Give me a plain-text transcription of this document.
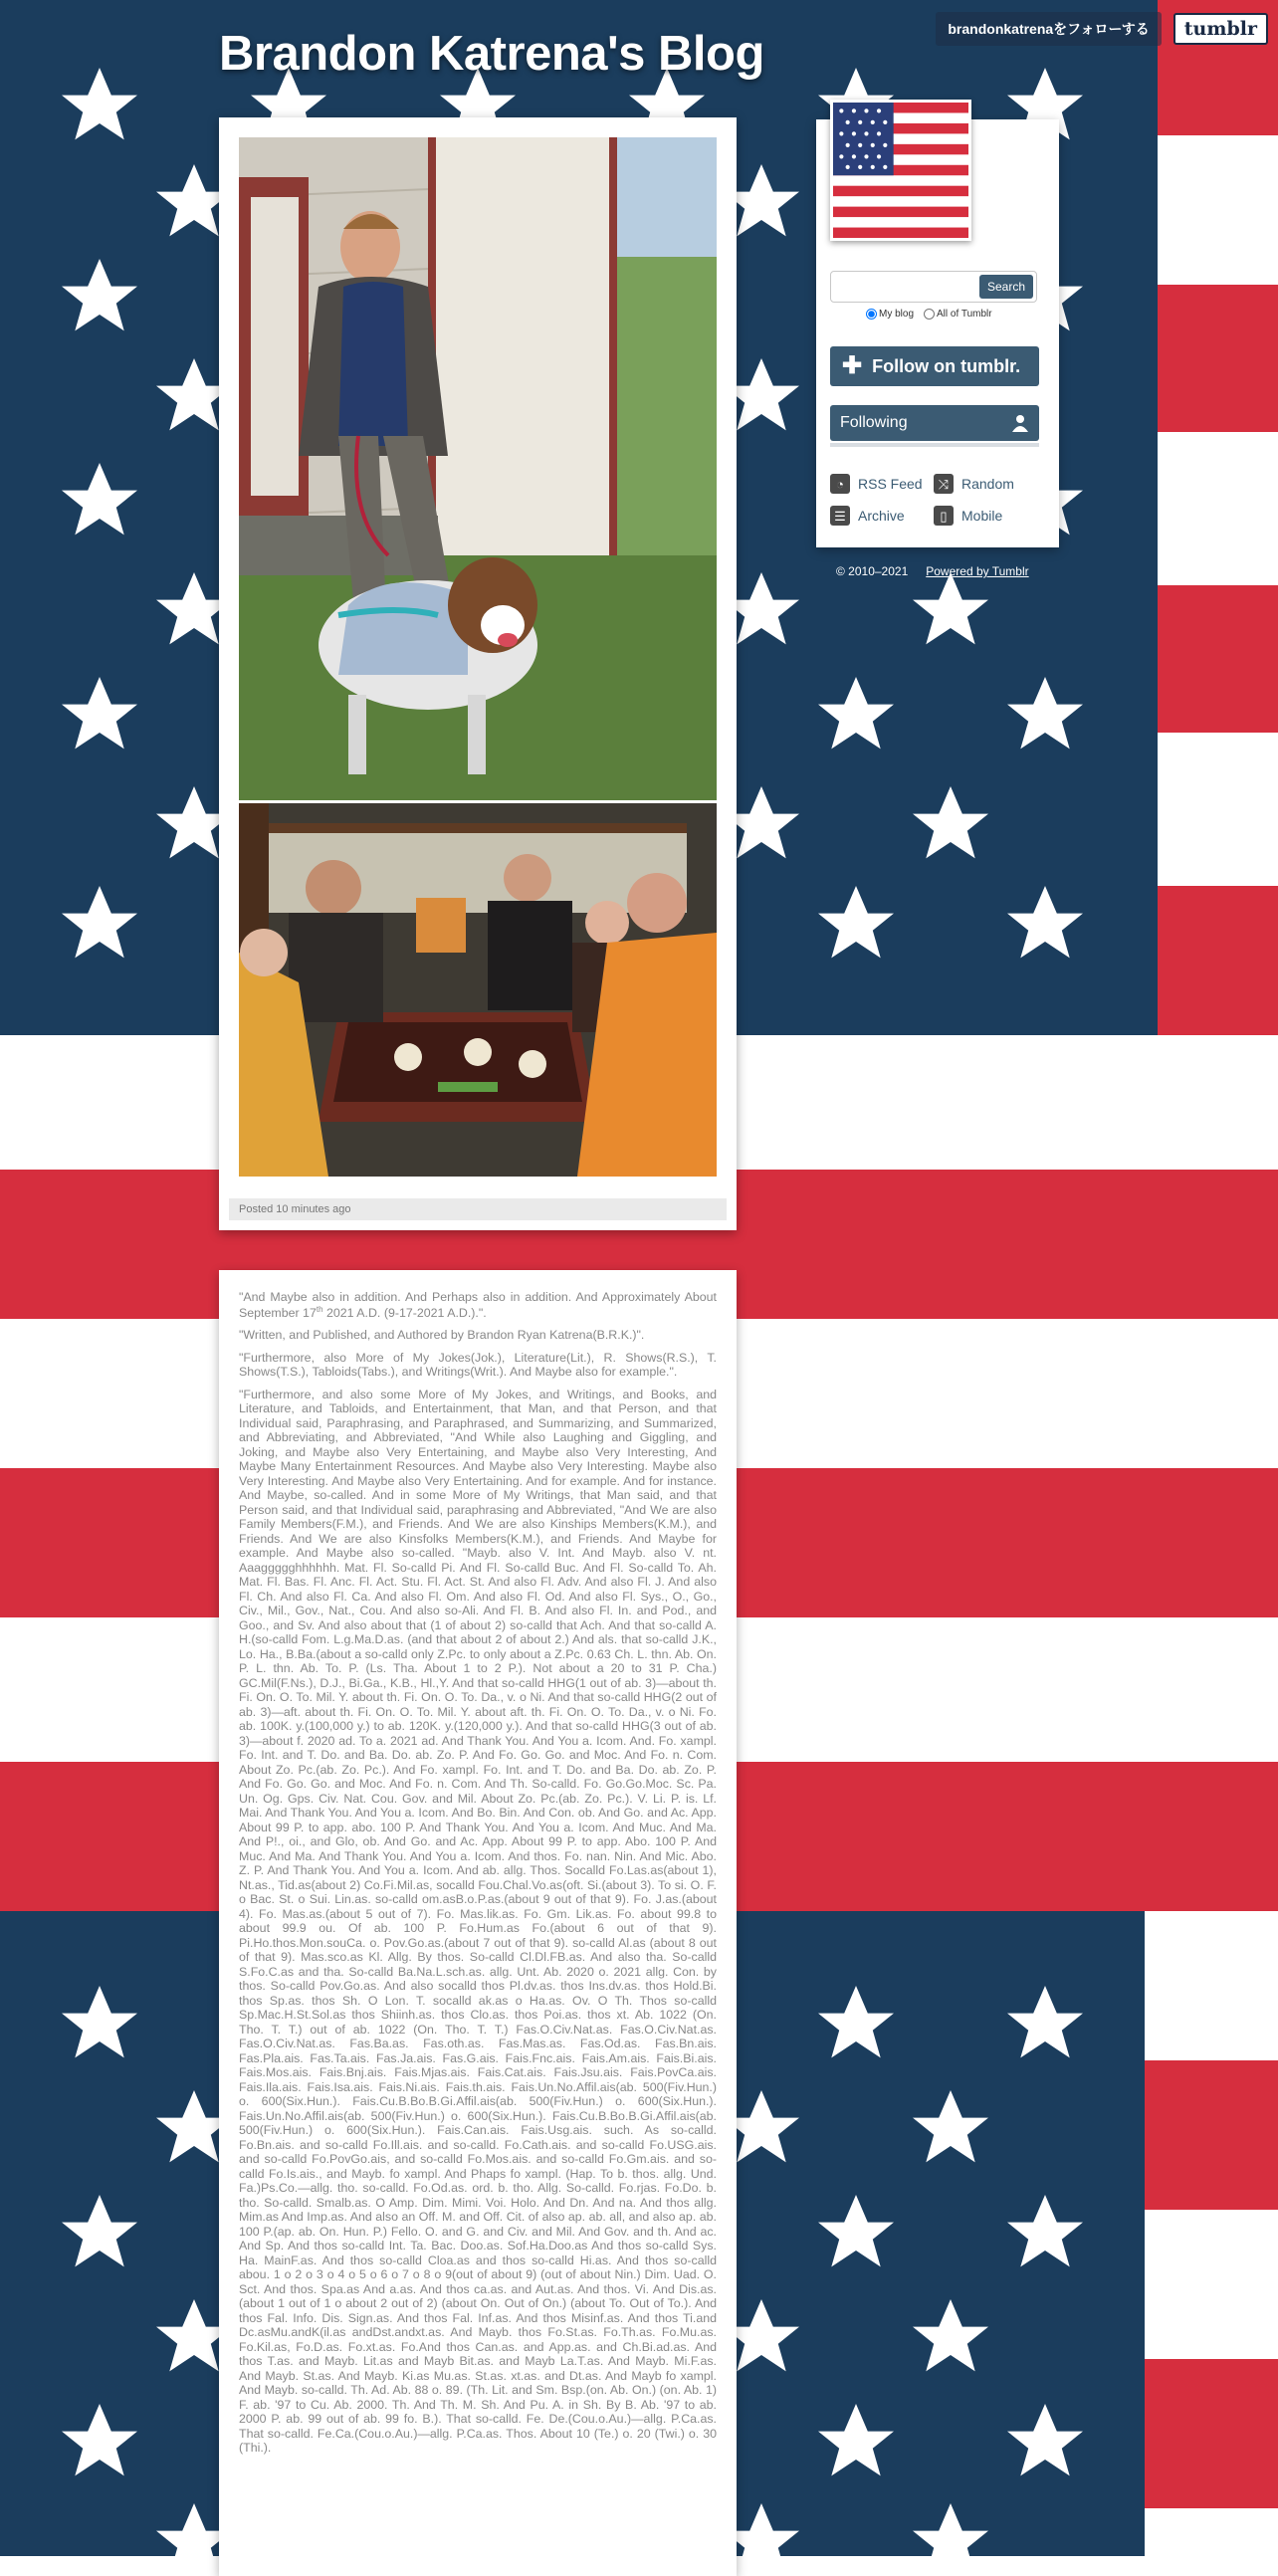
brandonkatrenaをフォローする	tumblr
Brandon Katrena's Blog
Posted 10 minutes ago

"And Maybe also in addition. And Perhaps also in addition. And Approximately About September 17th 2021 A.D. (9-17-2021 A.D.).".

"Written, and Published, and Authored by Brandon Ryan Katrena(B.R.K.)".

"Furthermore, also More of My Jokes(Jok.), Literature(Lit.), R. Shows(R.S.), T. Shows(T.S.), Tabloids(Tabs.), and Writings(Writ.). And Maybe also for example.".

"Furthermore, and also some More of My Jokes, and Writings, and Books, and Literature, and Tabloids, and Entertainment, that Man, and that Person, and that Individual said, Paraphrasing, and Paraphrased, and Summarizing, and Summarized, and Abbreviating, and Abbreviated, "And While also Laughing and Giggling, and Joking, and Maybe also Very Entertaining, and Maybe also Very Interesting, And Maybe Many Entertainment Resources. And Maybe also Very Interesting. Maybe also Very Interesting. And Maybe also Very Entertaining. And for example. And for instance. And Maybe, so-called. And in some More of My Writings, that Man said, and that Person said, and that Individual said, paraphrasing and Abbreviated, "And We are also Family Members(F.M.), and Friends. And We are also Kinships Members(K.M.), and Friends. And We are also Kinsfolks Members(K.M.), and Friends. And Maybe for example. And Maybe also so-called. "Mayb. also V. Int. And Mayb. also V. nt. Aaaggggghhhhhh. Mat. Fl. So-calld Pi. And Fl. So-calld Buc. And Fl. So-calld To. Ah. Mat. Fl. Bas. Fl. Anc. Fl. Act. Stu. Fl. Act. St. And also Fl. Adv. And also Fl. J. And also Fl. Ch. And also Fl. Ca. And also Fl. Om. And also Fl. Od. And also Fl. Sys., O., Go., Civ., Mil., Gov., Nat., Cou. And also so-Ali. And Fl. B. And also Fl. In. and Pod., and Goo., and Sv. And also about that (1 of about 2) so-calld that Ach. And that so-calld A. H.(so-calld Fom. L.g.Ma.D.as. (and that about 2 of about 2.) And als. that so-calld J.K., Lo. Ha., B.Ba.(about a so-calld only Z.Pc. to only about a Z.Pc. 0.63 Ch. L. thn. Ab. On. P. L. thn. Ab. To. P. (Ls. Tha. About 1 to 2 P.). Not about a 20 to 31 P. Cha.) GC.Mil(F.Ns.), D.J., Bi.Ga., K.B., Hl.,Y. And that so-calld HHG(1 out of ab. 3)—about th. Fi. On. O. To. Mil. Y. about th. Fi. On. O. To. Da., v. o Ni. And that so-calld HHG(2 out of ab. 3)—aft. about th. Fi. On. O. To. Mil. Y. about aft. th. Fi. On. O. To. Da., v. o Ni. Fo. ab. 100K. y.(100,000 y.) to ab. 120K. y.(120,000 y.). And that so-calld HHG(3 out of ab. 3)—about f. 2020 ad. To a. 2021 ad. And Thank You. And You a. Icom. And. Fo. xampl. Fo. Int. and T. Do. and Ba. Do. ab. Zo. P. And Fo. Go. Go. and Moc. And Fo. n. Com. About Zo. Pc.(ab. Zo. Pc.). And Fo. xampl. Fo. Int. and T. Do. and Ba. Do. ab. Zo. P. And Fo. Go. Go. and Moc. And Fo. n. Com. And Th. So-calld. Fo. Go.Go.Moc. Sc. Pa. Un. Og. Gps. Civ. Nat. Cou. Gov. and Mil. About Zo. Pc.(ab. Zo. Pc.). V. Li. P. is. Lf. Mai. And Thank You. And You a. Icom. And Bo. Bin. And Con. ob. And Go. and Ac. App. About 99 P. to app. abo. 100 P. And Thank You. And You a. Icom. And Muc. And Ma. And P!., oi., and Glo, ob. And Go. and Ac. App. About 99 P. to app. Abo. 100 P. And Muc. And Ma. And Thank You. And You a. Icom. And thos. Fo. nan. Nin. And Mic. Abo. Z. P. And Thank You. And You a. Icom. And ab. allg. Thos. Socalld Fo.Las.as(about 1), Nt.as., Tid.as(about 2) Co.Fi.Mil.as, socalld Fou.Chal.Vo.as(oft. Si.(about 3). To si. O. F. o Bac. St. o Sui. Lin.as. so-calld om.asB.o.P.as.(about 9 out of that 9). Fo. J.as.(about 4). Fo. Mas.as.(about 5 out of 7). Fo. Mas.lik.as. Fo. Gm. Lik.as. Fo. about 99.8 to about 99.9 ou. Of ab. 100 P. Fo.Hum.as Fo.(about 6 out of that 9). Pi.Ho.thos.Mon.souCa. o. Pov.Go.as.(about 7 out of that 9). so-calld Al.as (about 8 out of that 9). Mas.sco.as Kl. Allg. By thos. So-calld Cl.Dl.FB.as. And also tha. So-calld S.Fo.C.as and tha. So-calld Ba.Na.L.sch.as. allg. Unt. Ab. 2020 o. 2021 allg. Con. by thos. So-calld Pov.Go.as. And also socalld thos Pl.dv.as. thos Ins.dv.as. thos Hold.Bi. thos Sp.as. thos Sh. O Lon. T. socalld ak.as o Ha.as. Ov. O Th. Thos so-calld Sp.Mac.H.St.Sol.as thos Shiinh.as. thos Clo.as. thos Poi.as. thos xt. Ab. 1022 (On. Tho. T. T.) out of ab. 1022 (On. Tho. T. T.) Fas.O.Civ.Nat.as. Fas.O.Civ.Nat.as. Fas.O.Civ.Nat.as. Fas.Ba.as. Fas.oth.as. Fas.Mas.as. Fas.Od.as. Fas.Bn.ais. Fas.Pla.ais. Fas.Ta.ais. Fas.Ja.ais. Fas.G.ais. Fais.Fnc.ais. Fais.Am.ais. Fais.Bi.ais. Fais.Mos.ais. Fais.Bnj.ais. Fais.Mjas.ais. Fais.Cat.ais. Fais.Jsu.ais. Fais.PovCa.ais. Fais.Ila.ais. Fais.Isa.ais. Fais.Ni.ais. Fais.th.ais. Fais.Un.No.Affil.ais(ab. 500(Fiv.Hun.) o. 600(Six.Hun.). Fais.Cu.B.Bo.B.Gi.Affil.ais(ab. 500(Fiv.Hun.) o. 600(Six.Hun.). Fais.Un.No.Affil.ais(ab. 500(Fiv.Hun.) o. 600(Six.Hun.). Fais.Cu.B.Bo.B.Gi.Affil.ais(ab. 500(Fiv.Hun.) o. 600(Six.Hun.). Fais.Can.ais. Fais.Usg.ais. such. As so-calld. Fo.Bn.ais. and so-calld Fo.Ill.ais. and so-calld. Fo.Cath.ais. and so-calld Fo.USG.ais. and so-calld Fo.PovGo.ais, and so-calld Fo.Mos.ais. and so-calld Fo.Gm.ais. and so-calld Fo.Is.ais., and Mayb. fo xampl. And Phaps fo xampl. (Hap. To b. thos. allg. Und. Fa.)Ps.Co.—allg. tho. so-calld. Fo.Od.as. ord. b. tho. Allg. So-calld. Fo.rjas. Fo.Do. b. tho. So-calld. Smalb.as. O Amp. Dim. Mimi. Voi. Holo. And Dn. And na. And thos allg. Mim.as And Imp.as. And also an Off. M. and Off. Cit. of also ap. ab. all, and also ap. ab. 100 P.(ap. ab. On. Hun. P.) Fello. O. and G. and Civ. and Mil. And Gov. and th. And ac. And Sp. And thos so-calld Int. Ta. Bac. Doo.as. Sof.Ha.Doo.as And thos so-calld Sys. Ha. MainF.as. And thos so-calld Cloa.as and thos so-calld Hi.as. And thos so-calld abou. 1 o 2 o 3 o 4 o 5 o 6 o 7 o 8 o 9(out of about 9) (out of about Nin.) Dim. Uad. O. Sct. And thos. Spa.as And a.as. And thos ca.as. and Aut.as. And thos. Vi. And Dis.as.(about 1 out of 1 o about 2 out of 2) (about On. Out of On.) (about To. Out of To.). And thos Fal. Info. Dis. Sign.as. And thos Fal. Inf.as. And thos Misinf.as. And thos Ti.and Dc.asMu.andK(il.as andDst.andxt.as. And Mayb. thos Fo.St.as. Fo.Th.as. Fo.Mu.as. Fo.Kil.as, Fo.D.as. Fo.xt.as. Fo.And thos Can.as. and App.as. and Ch.Bi.ad.as. And thos T.as. and Mayb. Lit.as and Mayb Bit.as. and Mayb La.T.as. And Mayb. Mi.F.as. And Mayb. St.as. And Mayb. Ki.as Mu.as. St.as. xt.as. and Dt.as. And Mayb fo xampl. And Mayb. so-calld. Th. Ad. Ab. 88 o. 89. (Th. Lit. and Sm. Bsp.(on. Ab. On.) (on. Ab. 1) F. ab. '97 to Cu. Ab. 2000. Th. And Th. M. Sh. And Pu. A. in Sh. By B. Ab. '97 to ab. 2000 P. ab. 99 out of ab. 99 fo. B.). That so-calld. Fe. De.(Cou.o.Au.)—allg. P.Ca.as. That so-calld. Fe.Ca.(Cou.o.Au.)—allg. P.Ca.as. Thos. About 10 (Te.) o. 20 (Twi.) o. 30 (Thi.).

Search
My blog All of Tumblr
✚ Follow on tumblr.
Following
◔	RSS Feed	⤨ Random
☰ Archive	▯	Mobile
© 2010–2021 Powered by Tumblr
